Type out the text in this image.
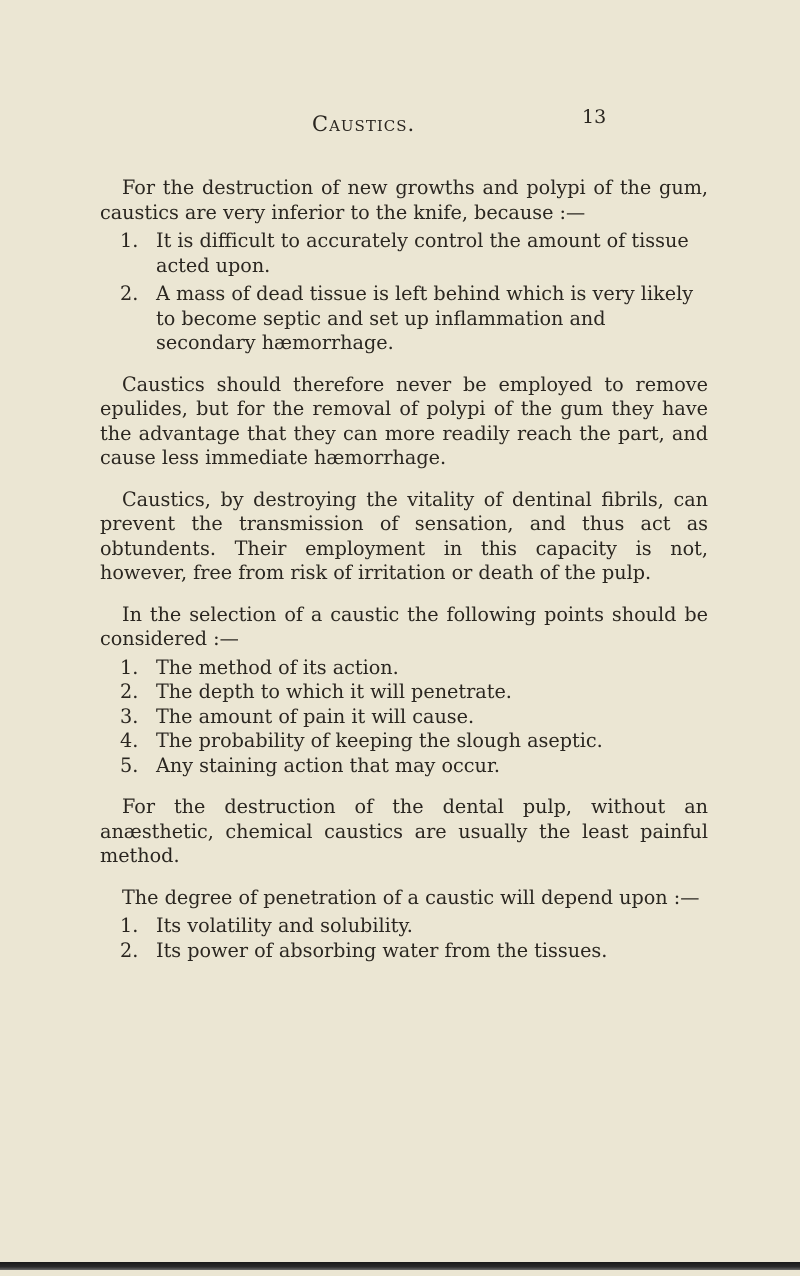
Caustics.	13

For the destruction of new growths and polypi of the gum, caustics are very inferior to the knife, because :—

1. It is difficult to accurately control the amount of tissue acted upon.
2. A mass of dead tissue is left behind which is very likely to become septic and set up inflammation and secondary hæmorrhage.

Caustics should therefore never be employed to remove epulides, but for the removal of polypi of the gum they have the advantage that they can more readily reach the part, and cause less immediate hæmorrhage.

Caustics, by destroying the vitality of dentinal fibrils, can prevent the transmission of sensation, and thus act as obtundents. Their employment in this capacity is not, however, free from risk of irritation or death of the pulp.

In the selection of a caustic the following points should be considered :—

1. The method of its action.
2. The depth to which it will penetrate.
3. The amount of pain it will cause.
4. The probability of keeping the slough aseptic.
5. Any staining action that may occur.

For the destruction of the dental pulp, without an anæsthetic, chemical caustics are usually the least painful method.

The degree of penetration of a caustic will depend upon :—

1. Its volatility and solubility.
2. Its power of absorbing water from the tissues.
